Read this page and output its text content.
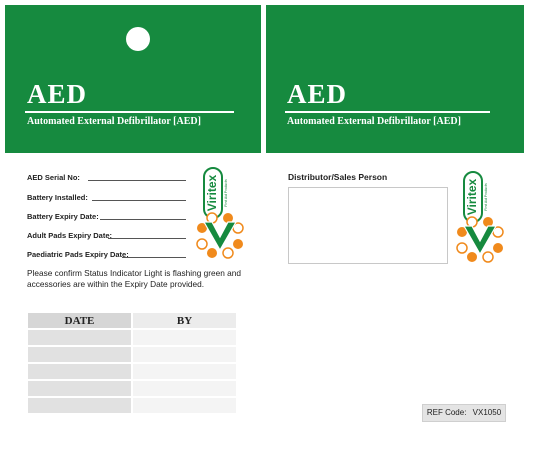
AED
Automated External Defibrillator [AED]
AED
Automated External Defibrillator [AED]
AED Serial No:
Battery Installed:
Battery Expiry Date:
Adult Pads Expiry Date:
Paediatric Pads Expiry Date:
Please confirm Status Indicator Light is flashing green and accessories are within the Expiry Date provided.
DATE	BY

Distributor/Sales Person
REF Code: VX1050
Viritex First Aid Products	Viritex First Aid Products
